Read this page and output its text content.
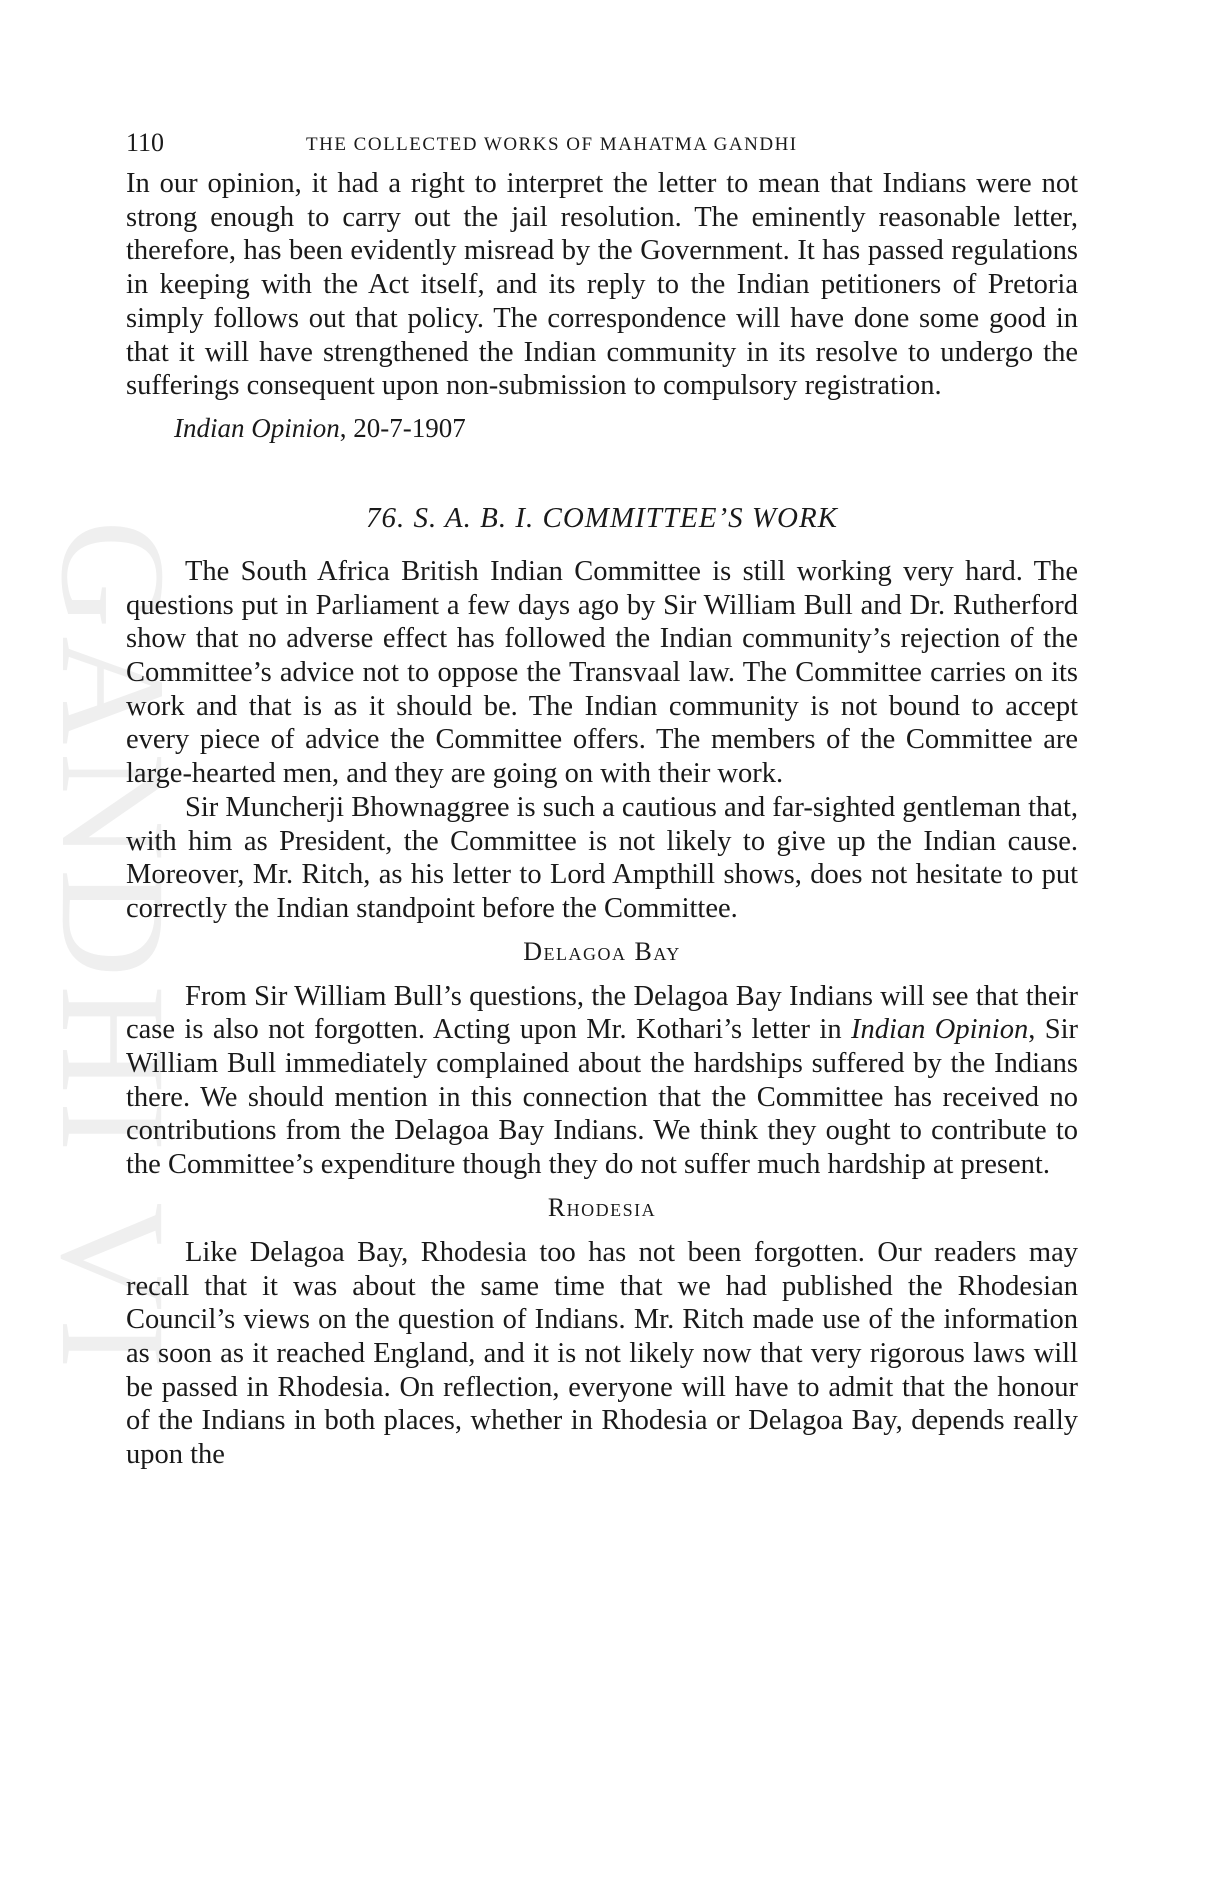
GANDHI VI
110	THE COLLECTED WORKS OF MAHATMA GANDHI

In our opinion, it had a right to interpret the letter to mean that Indians were not strong enough to carry out the jail resolution. The eminently reasonable letter, therefore, has been evidently misread by the Government. It has passed regulations in keeping with the Act itself, and its reply to the Indian petitioners of Pretoria simply follows out that policy. The correspondence will have done some good in that it will have strengthened the Indian community in its resolve to undergo the sufferings consequent upon non-submission to compulsory registration.

Indian Opinion, 20-7-1907
76. S. A. B. I. COMMITTEE’S WORK

The South Africa British Indian Committee is still working very hard. The questions put in Parliament a few days ago by Sir William Bull and Dr. Rutherford show that no adverse effect has followed the Indian community’s rejection of the Committee’s advice not to oppose the Transvaal law. The Committee carries on its work and that is as it should be. The Indian community is not bound to accept every piece of advice the Committee offers. The members of the Committee are large-hearted men, and they are going on with their work.

Sir Muncherji Bhownaggree is such a cautious and far-sighted gentleman that, with him as President, the Committee is not likely to give up the Indian cause. Moreover, Mr. Ritch, as his letter to Lord Ampthill shows, does not hesitate to put correctly the Indian standpoint before the Committee.

Delagoa Bay

From Sir William Bull’s questions, the Delagoa Bay Indians will see that their case is also not forgotten. Acting upon Mr. Kothari’s letter in Indian Opinion, Sir William Bull immediately complained about the hardships suffered by the Indians there. We should mention in this connection that the Committee has received no contributions from the Delagoa Bay Indians. We think they ought to contribute to the Committee’s expenditure though they do not suffer much hardship at present.

Rhodesia

Like Delagoa Bay, Rhodesia too has not been forgotten. Our readers may recall that it was about the same time that we had published the Rhodesian Council’s views on the question of Indians. Mr. Ritch made use of the information as soon as it reached England, and it is not likely now that very rigorous laws will be passed in Rhodesia. On reflection, everyone will have to admit that the honour of the Indians in both places, whether in Rhodesia or Delagoa Bay, depends really upon the
